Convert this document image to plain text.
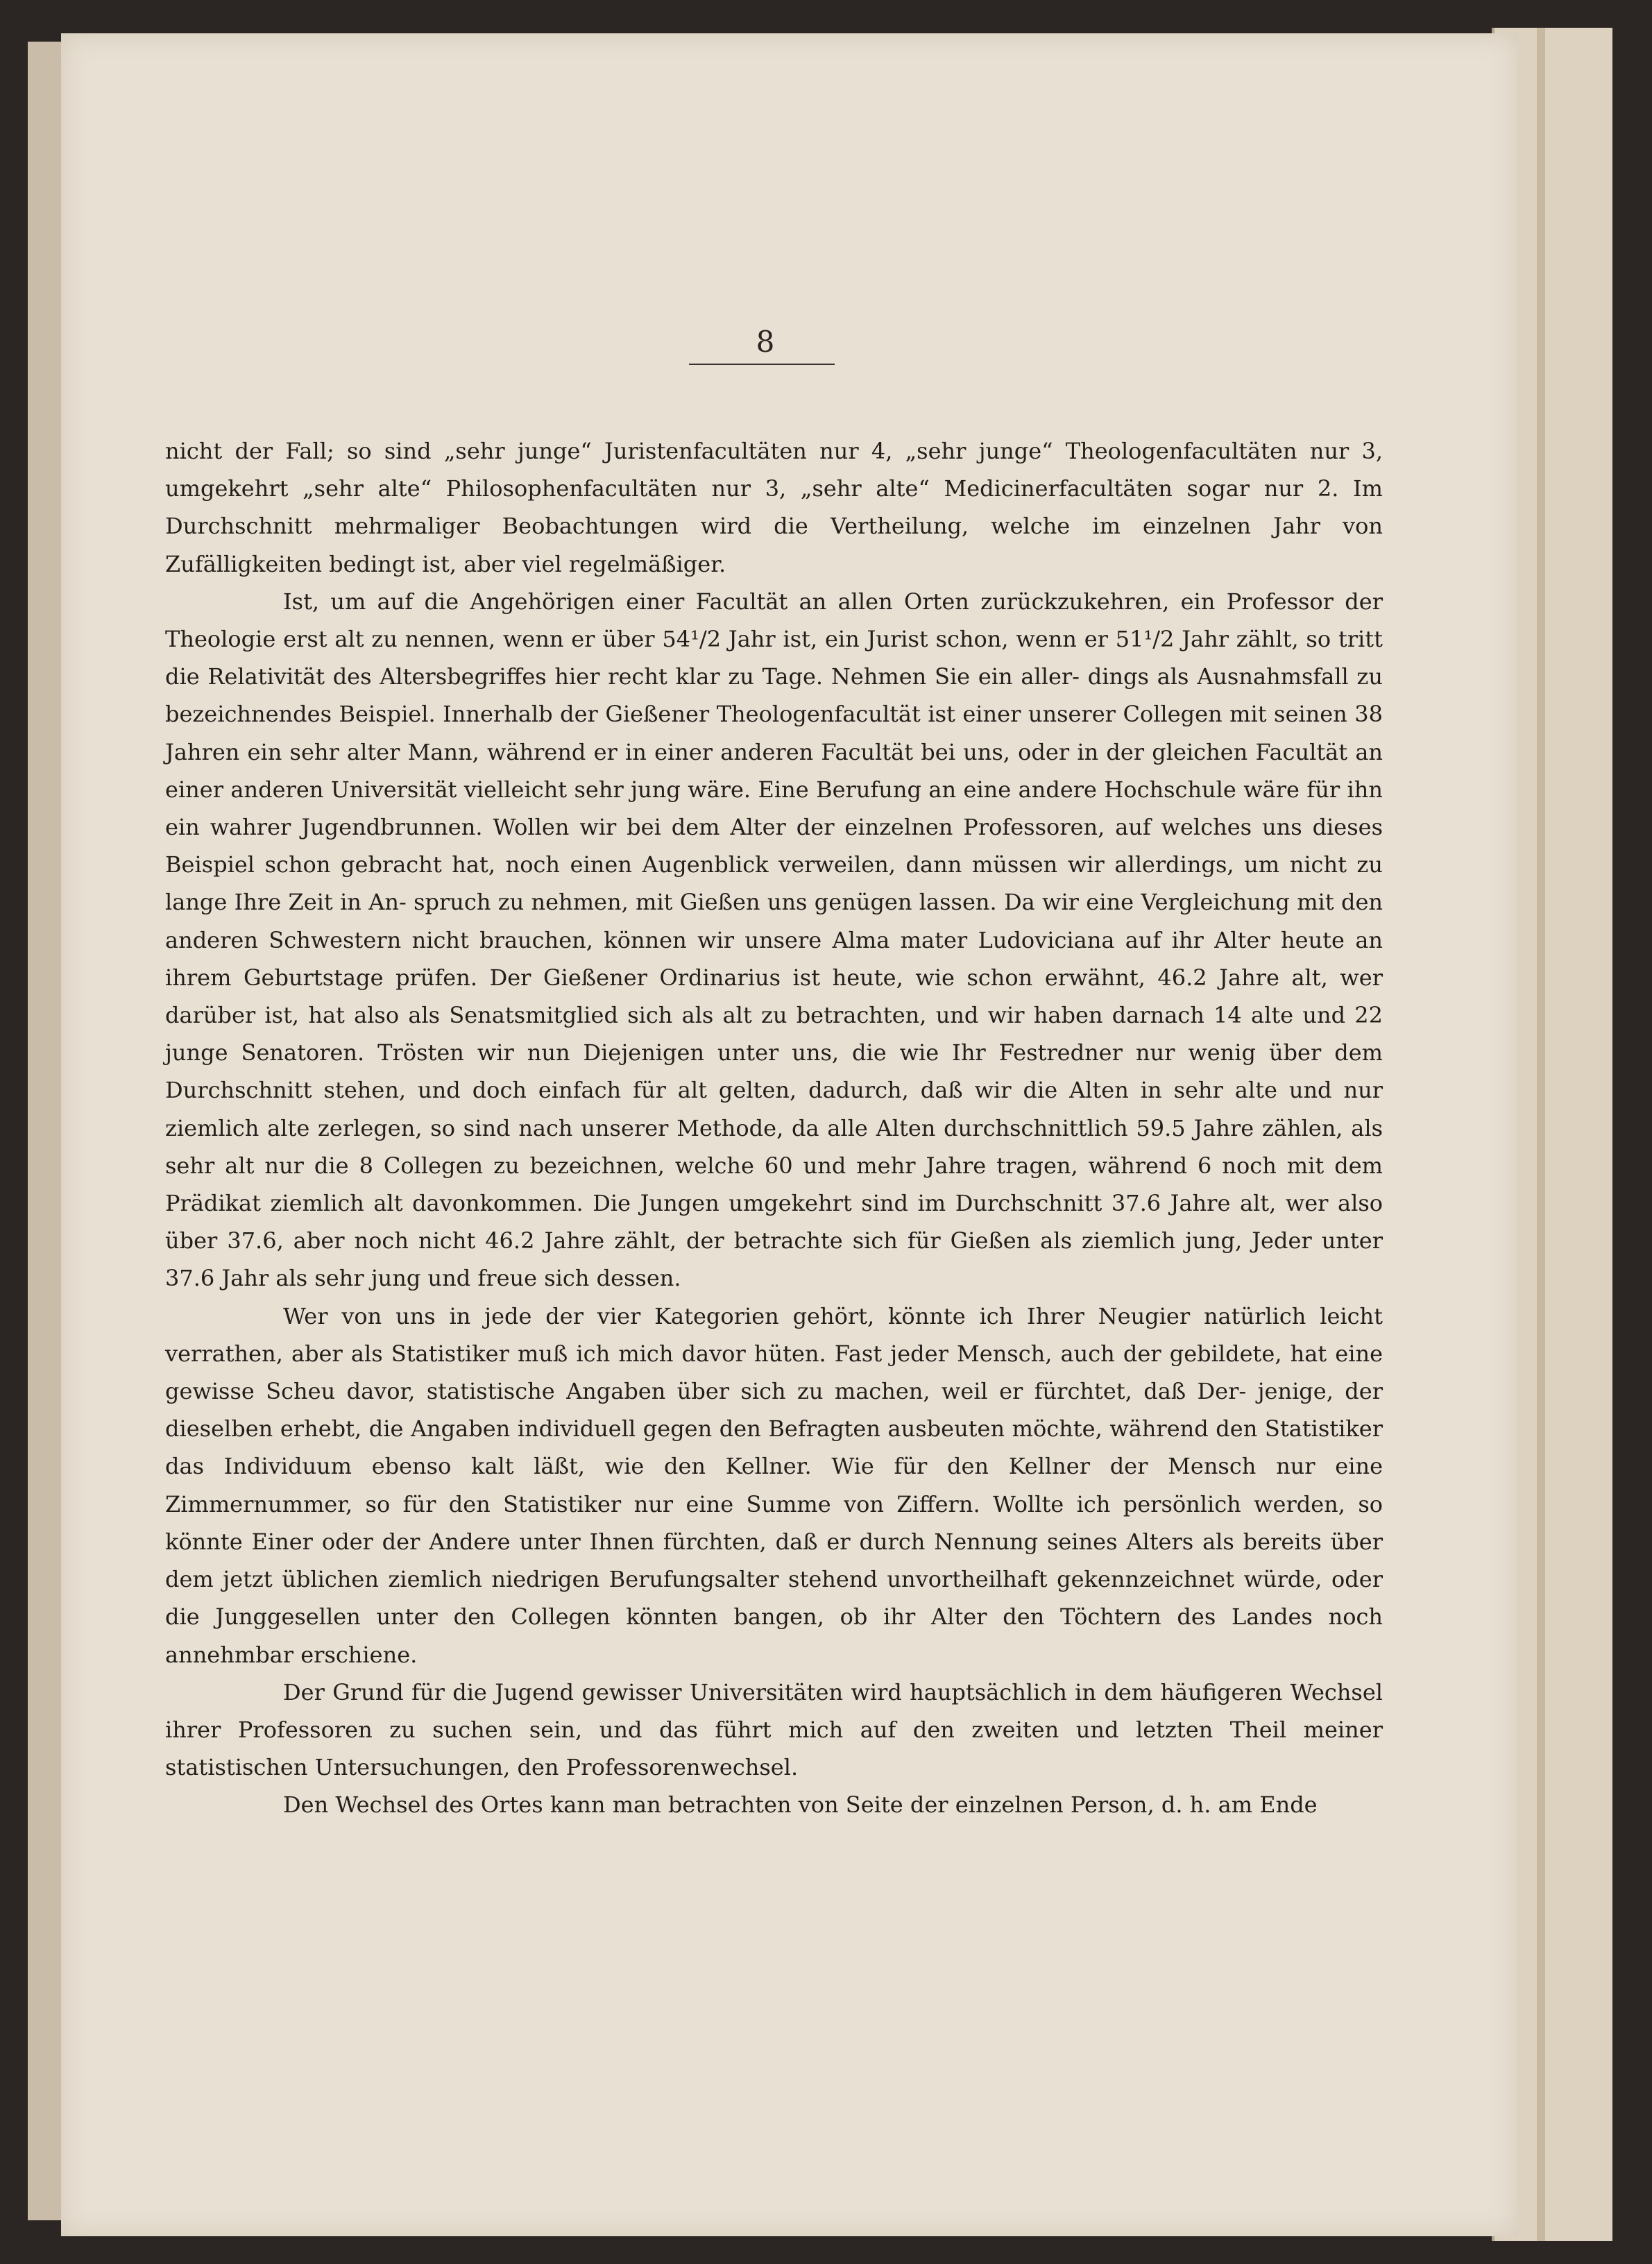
8

nicht der Fall; so sind „sehr junge“ Juristenfacultäten nur 4, „sehr junge“ Theologenfacultäten nur 3, umgekehrt „sehr alte“ Philosophenfacultäten nur 3, „sehr alte“ Medicinerfacultäten sogar nur 2. Im Durchschnitt mehrmaliger Beobachtungen wird die Vertheilung, welche im einzelnen Jahr von Zufälligkeiten bedingt ist, aber viel regelmäßiger.

Ist, um auf die Angehörigen einer Facultät an allen Orten zurückzukehren, ein Professor der Theologie erst alt zu nennen, wenn er über 54¹/2 Jahr ist, ein Jurist schon, wenn er 51¹/2 Jahr zählt, so tritt die Relativität des Altersbegriffes hier recht klar zu Tage. Nehmen Sie ein aller- dings als Ausnahmsfall zu bezeichnendes Beispiel. Innerhalb der Gießener Theologenfacultät ist einer unserer Collegen mit seinen 38 Jahren ein sehr alter Mann, während er in einer anderen Facultät bei uns, oder in der gleichen Facultät an einer anderen Universität vielleicht sehr jung wäre. Eine Berufung an eine andere Hochschule wäre für ihn ein wahrer Jugendbrunnen. Wollen wir bei dem Alter der einzelnen Professoren, auf welches uns dieses Beispiel schon gebracht hat, noch einen Augenblick verweilen, dann müssen wir allerdings, um nicht zu lange Ihre Zeit in An- spruch zu nehmen, mit Gießen uns genügen lassen. Da wir eine Vergleichung mit den anderen Schwestern nicht brauchen, können wir unsere Alma mater Ludoviciana auf ihr Alter heute an ihrem Geburtstage prüfen. Der Gießener Ordinarius ist heute, wie schon erwähnt, 46.2 Jahre alt, wer darüber ist, hat also als Senatsmitglied sich als alt zu betrachten, und wir haben darnach 14 alte und 22 junge Senatoren. Trösten wir nun Diejenigen unter uns, die wie Ihr Festredner nur wenig über dem Durchschnitt stehen, und doch einfach für alt gelten, dadurch, daß wir die Alten in sehr alte und nur ziemlich alte zerlegen, so sind nach unserer Methode, da alle Alten durchschnittlich 59.5 Jahre zählen, als sehr alt nur die 8 Collegen zu bezeichnen, welche 60 und mehr Jahre tragen, während 6 noch mit dem Prädikat ziemlich alt davonkommen. Die Jungen umgekehrt sind im Durchschnitt 37.6 Jahre alt, wer also über 37.6, aber noch nicht 46.2 Jahre zählt, der betrachte sich für Gießen als ziemlich jung, Jeder unter 37.6 Jahr als sehr jung und freue sich dessen.

Wer von uns in jede der vier Kategorien gehört, könnte ich Ihrer Neugier natürlich leicht verrathen, aber als Statistiker muß ich mich davor hüten. Fast jeder Mensch, auch der gebildete, hat eine gewisse Scheu davor, statistische Angaben über sich zu machen, weil er fürchtet, daß Der- jenige, der dieselben erhebt, die Angaben individuell gegen den Befragten ausbeuten möchte, während den Statistiker das Individuum ebenso kalt läßt, wie den Kellner. Wie für den Kellner der Mensch nur eine Zimmernummer, so für den Statistiker nur eine Summe von Ziffern. Wollte ich persönlich werden, so könnte Einer oder der Andere unter Ihnen fürchten, daß er durch Nennung seines Alters als bereits über dem jetzt üblichen ziemlich niedrigen Berufungsalter stehend unvortheilhaft gekennzeichnet würde, oder die Junggesellen unter den Collegen könnten bangen, ob ihr Alter den Töchtern des Landes noch annehmbar erschiene.

Der Grund für die Jugend gewisser Universitäten wird hauptsächlich in dem häufigeren Wechsel ihrer Professoren zu suchen sein, und das führt mich auf den zweiten und letzten Theil meiner statistischen Untersuchungen, den Professorenwechsel.

Den Wechsel des Ortes kann man betrachten von Seite der einzelnen Person, d. h. am Ende
